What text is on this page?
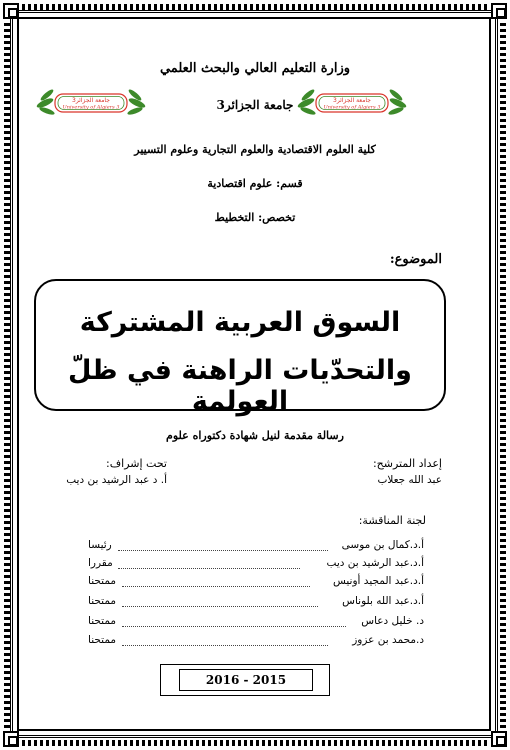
وزارة التعليم العالي والبحث العلمي
جامعة الجزائر3
University of Algiers 3	جامعة الجزائر3	جامعة الجزائر3
University of Algiers 3
كلية العلوم الاقتصادية والعلوم التجارية وعلوم التسيير
قسم: علوم اقتصادية
تخصص: التخطيط
الموضوع:
السوق العربية المشتركة
والتحدّيات الراهنة في ظلّ العولمة
رسالة مقدمة لنيل شهادة دكتوراه علوم
إعداد المترشح:
عبد الله جعلاب
تحت إشراف:
أ. د عبد الرشيد بن ديب
لجنة المناقشة:
أ.د.كمال بن موسى
رئيسا
أ.د.عبد الرشيد بن ديب
مقررا
أ.د.عبد المجيد أونيس
ممتحنا
أ.د.عبد الله بلوناس
ممتحنا
د. خليل دعاس
ممتحنا
د.محمد بن عزوز
ممتحنا
2016 - 2015
